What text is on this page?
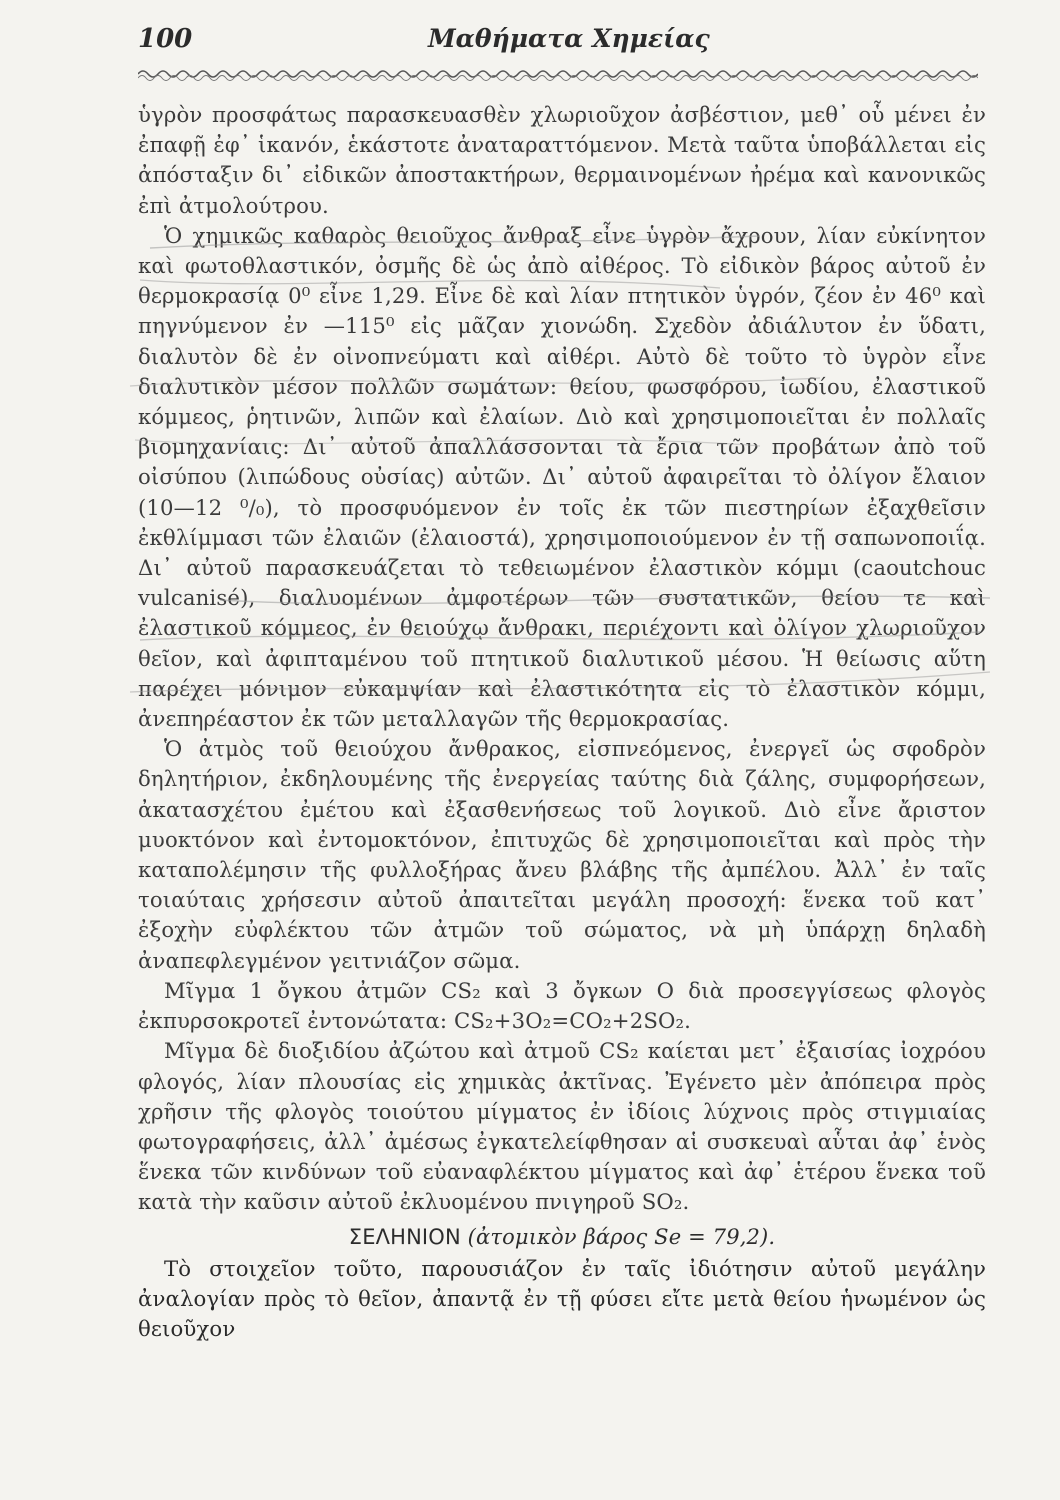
100	Μαθήματα Χημείας

ὑγρὸν προσφάτως παρασκευασθὲν χλωριοῦχον ἀσβέστιον, μεθ᾽ οὗ μένει ἐν ἐπαφῇ ἐφ᾽ ἱκανόν, ἑκάστοτε ἀναταραττόμενον. Μετὰ ταῦτα ὑποβάλλεται εἰς ἀπόσταξιν δι᾽ εἰδικῶν ἀποστακτήρων, θερμαινομένων ἠρέμα καὶ κανονικῶς ἐπὶ ἀτμολούτρου.

Ὁ χημικῶς καθαρὸς θειοῦχος ἄνθραξ εἶνε ὑγρὸν ἄχρουν, λίαν εὐκίνητον καὶ φωτοθλαστικόν, ὀσμῆς δὲ ὡς ἀπὸ αἰθέρος. Τὸ εἰδικὸν βάρος αὐτοῦ ἐν θερμοκρασίᾳ 0⁰ εἶνε 1,29. Εἶνε δὲ καὶ λίαν πτητικὸν ὑγρόν, ζέον ἐν 46⁰ καὶ πηγνύμενον ἐν —115⁰ εἰς μᾶζαν χιονώδη. Σχεδὸν ἀδιάλυτον ἐν ὕδατι, διαλυτὸν δὲ ἐν οἰνοπνεύματι καὶ αἰθέρι. Αὐτὸ δὲ τοῦτο τὸ ὑγρὸν εἶνε διαλυτικὸν μέσον πολλῶν σωμάτων: θείου, φωσφόρου, ἰωδίου, ἐλαστικοῦ κόμμεος, ῥητινῶν, λιπῶν καὶ ἐλαίων. Διὸ καὶ χρησιμοποιεῖται ἐν πολλαῖς βιομηχανίαις: Δι᾽ αὐτοῦ ἀπαλλάσσονται τὰ ἔρια τῶν προβάτων ἀπὸ τοῦ οἰσύπου (λιπώδους οὐσίας) αὐτῶν. Δι᾽ αὐτοῦ ἀφαιρεῖται τὸ ὀλίγον ἔλαιον (10—12 ⁰/₀), τὸ προσφυόμενον ἐν τοῖς ἐκ τῶν πιεστηρίων ἐξαχθεῖσιν ἐκθλίμμασι τῶν ἐλαιῶν (ἐλαιοστά), χρησιμοποιούμενον ἐν τῇ σαπωνοποιΐᾳ. Δι᾽ αὐτοῦ παρασκευάζεται τὸ τεθειωμένον ἐλαστικὸν κόμμι (caoutchouc vulcanisé), διαλυομένων ἀμφοτέρων τῶν συστατικῶν, θείου τε καὶ ἐλαστικοῦ κόμμεος, ἐν θειούχῳ ἄνθρακι, περιέχοντι καὶ ὀλίγον χλωριοῦχον θεῖον, καὶ ἀφιπταμένου τοῦ πτητικοῦ διαλυτικοῦ μέσου. Ἡ θείωσις αὕτη παρέχει μόνιμον εὐκαμψίαν καὶ ἐλαστικότητα εἰς τὸ ἐλαστικὸν κόμμι, ἀνεπηρέαστον ἐκ τῶν μεταλλαγῶν τῆς θερμοκρασίας.

Ὁ ἀτμὸς τοῦ θειούχου ἄνθρακος, εἰσπνεόμενος, ἐνεργεῖ ὡς σφοδρὸν δηλητήριον, ἐκδηλουμένης τῆς ἐνεργείας ταύτης διὰ ζάλης, συμφορήσεων, ἀκατασχέτου ἐμέτου καὶ ἐξασθενήσεως τοῦ λογικοῦ. Διὸ εἶνε ἄριστον μυοκτόνον καὶ ἐντομοκτόνον, ἐπιτυχῶς δὲ χρησιμοποιεῖται καὶ πρὸς τὴν καταπολέμησιν τῆς φυλλοξήρας ἄνευ βλάβης τῆς ἀμπέλου. Ἀλλ᾽ ἐν ταῖς τοιαύταις χρήσεσιν αὐτοῦ ἀπαιτεῖται μεγάλη προσοχή: ἕνεκα τοῦ κατ᾽ ἐξοχὴν εὐφλέκτου τῶν ἀτμῶν τοῦ σώματος, νὰ μὴ ὑπάρχῃ δηλαδὴ ἀναπεφλεγμένον γειτνιάζον σῶμα.

Μῖγμα 1 ὄγκου ἀτμῶν CS₂ καὶ 3 ὄγκων O διὰ προσεγγίσεως φλογὸς ἐκπυρσοκροτεῖ ἐντονώτατα: CS₂+3O₂=CO₂+2SO₂.

Μῖγμα δὲ διοξιδίου ἀζώτου καὶ ἀτμοῦ CS₂ καίεται μετ᾽ ἐξαισίας ἰοχρόου φλογός, λίαν πλουσίας εἰς χημικὰς ἀκτῖνας. Ἐγένετο μὲν ἀπόπειρα πρὸς χρῆσιν τῆς φλογὸς τοιούτου μίγματος ἐν ἰδίοις λύχνοις πρὸς στιγμιαίας φωτογραφήσεις, ἀλλ᾽ ἀμέσως ἐγκατελείφθησαν αἱ συσκευαὶ αὗται ἀφ᾽ ἑνὸς ἕνεκα τῶν κινδύνων τοῦ εὐαναφλέκτου μίγματος καὶ ἀφ᾽ ἑτέρου ἕνεκα τοῦ κατὰ τὴν καῦσιν αὐτοῦ ἐκλυομένου πνιγηροῦ SO₂.

ΣΕΛΗΝΙΟΝ (ἀτομικὸν βάρος Se = 79,2).

Τὸ στοιχεῖον τοῦτο, παρουσιάζον ἐν ταῖς ἰδιότησιν αὐτοῦ μεγάλην ἀναλογίαν πρὸς τὸ θεῖον, ἀπαντᾷ ἐν τῇ φύσει εἴτε μετὰ θείου ἡνωμένον ὡς θειοῦχον
